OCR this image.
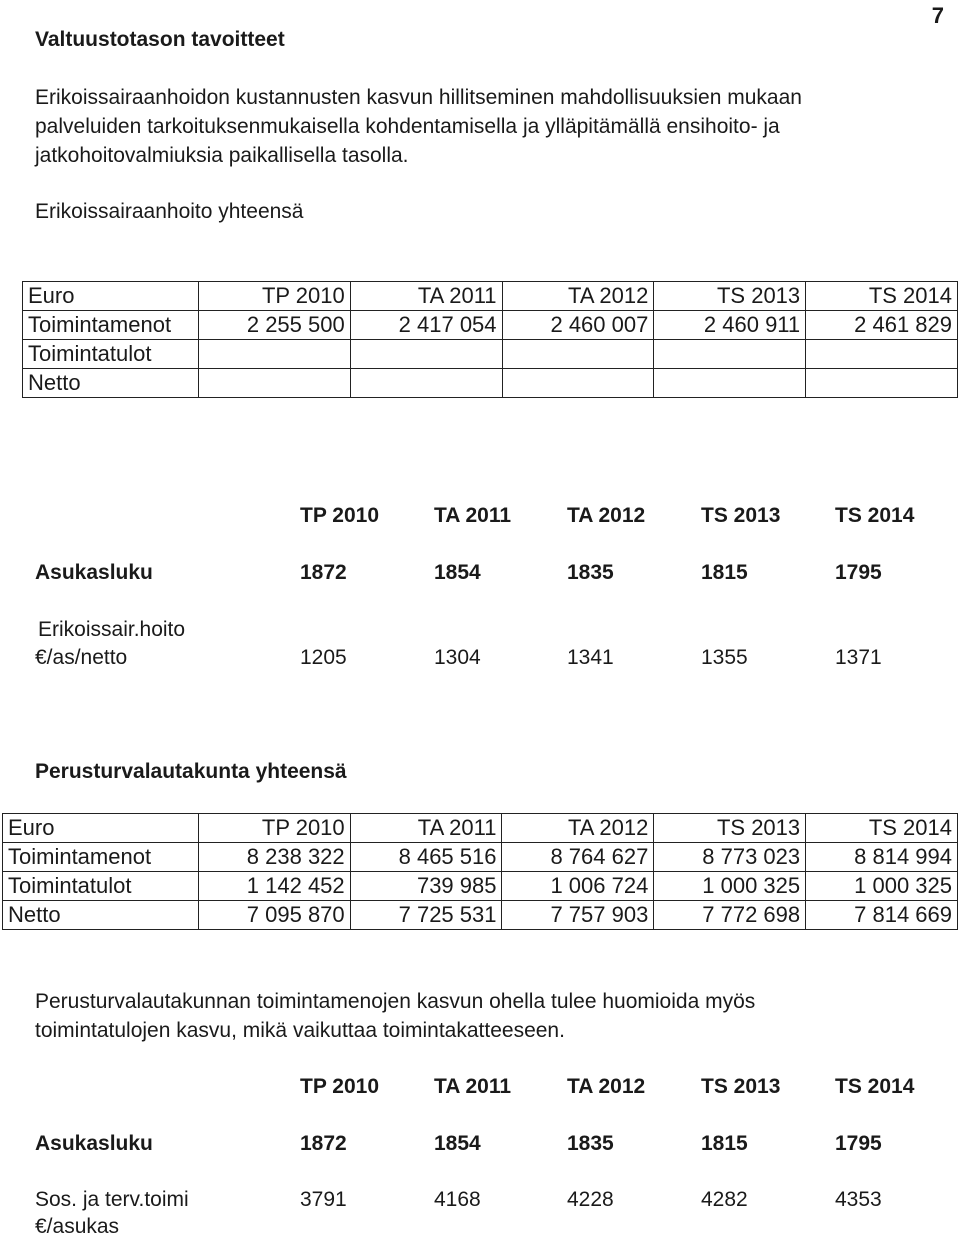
7
Valtuustotason tavoitteet
Erikoissairaanhoidon kustannusten kasvun hillitseminen mahdollisuuksien mukaan
palveluiden tarkoituksenmukaisella kohdentamisella ja ylläpitämällä ensihoito- ja
jatkohoitovalmiuksia paikallisella tasolla.
Erikoissairaanhoito yhteensä
Euro	TP 2010	TA 2011	TA 2012	TS 2013	TS 2014
Toimintamenot	2 255 500	2 417 054	2 460 007	2 460 911	2 461 829
Toimintatulot					
Netto					
TP 2010	TA 2011	TA 2012	TS 2013	TS 2014
Asukasluku	1872	1854	1835	1815	1795
Erikoissair.hoito
€/as/netto	1205	1304	1341	1355	1371
Perusturvalautakunta yhteensä
Euro	TP 2010	TA 2011	TA 2012	TS 2013	TS 2014
Toimintamenot	8 238 322	8 465 516	8 764 627	8 773 023	8 814 994
Toimintatulot	1 142 452	739 985	1 006 724	1 000 325	1 000 325
Netto	7 095 870	7 725 531	7 757 903	7 772 698	7 814 669
Perusturvalautakunnan toimintamenojen kasvun ohella tulee huomioida myös
toimintatulojen kasvu, mikä vaikuttaa toimintakatteeseen.
TP 2010	TA 2011	TA 2012	TS 2013	TS 2014
Asukasluku	1872	1854	1835	1815	1795
Sos. ja terv.toimi	3791	4168	4228	4282	4353
€/asukas
